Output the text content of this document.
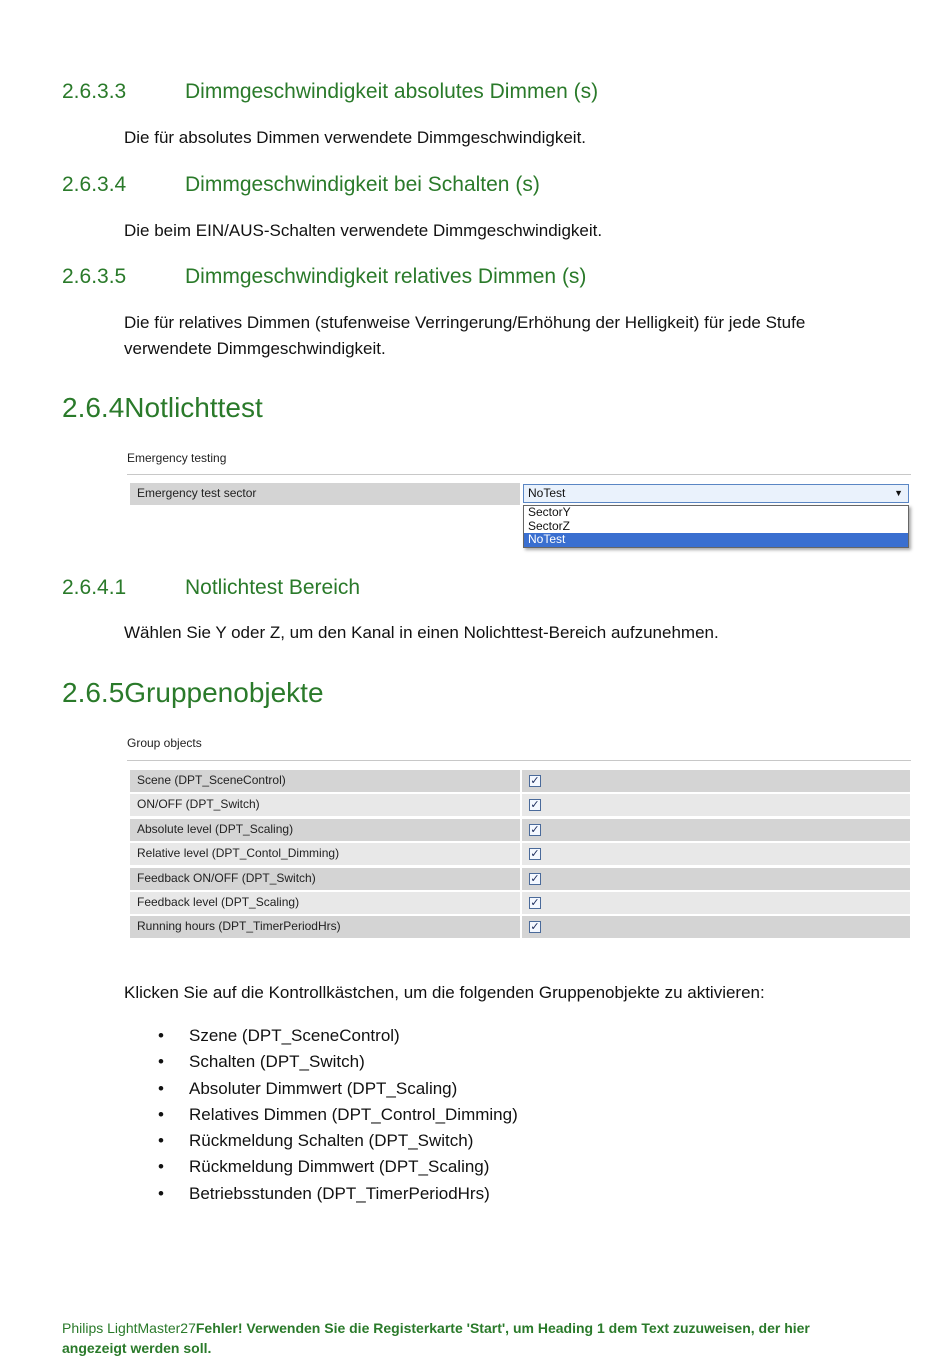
2.6.3.3	Dimmgeschwindigkeit absolutes Dimmen (s)
Die für absolutes Dimmen verwendete Dimmgeschwindigkeit.
2.6.3.4	Dimmgeschwindigkeit bei Schalten (s)
Die beim EIN/AUS-Schalten verwendete Dimmgeschwindigkeit.
2.6.3.5	Dimmgeschwindigkeit relatives Dimmen (s)
Die für relatives Dimmen (stufenweise Verringerung/Erhöhung der Helligkeit) für jede Stufe
verwendete Dimmgeschwindigkeit.
2.6.4Notlichttest
Emergency testing
Emergency test sector	NoTest	▼
SectorY
SectorZ
NoTest
2.6.4.1	Notlichtest Bereich
Wählen Sie Y oder Z, um den Kanal in einen Nolichttest-Bereich aufzunehmen.
2.6.5Gruppenobjekte
Group objects
Scene (DPT_SceneControl)	✓
ON/OFF (DPT_Switch)	✓
Absolute level (DPT_Scaling)	✓
Relative level (DPT_Contol_Dimming)	✓
Feedback ON/OFF (DPT_Switch)	✓
Feedback level (DPT_Scaling)	✓
Running hours (DPT_TimerPeriodHrs)	✓
Klicken Sie auf die Kontrollkästchen, um die folgenden Gruppenobjekte zu aktivieren:
• Szene (DPT_SceneControl)
• Schalten (DPT_Switch)
• Absoluter Dimmwert (DPT_Scaling)
• Relatives Dimmen (DPT_Control_Dimming)
• Rückmeldung Schalten (DPT_Switch)
• Rückmeldung Dimmwert (DPT_Scaling)
• Betriebsstunden (DPT_TimerPeriodHrs)
Philips LightMaster27Fehler! Verwenden Sie die Registerkarte 'Start', um Heading 1 dem Text zuzuweisen, der hier
angezeigt werden soll.
